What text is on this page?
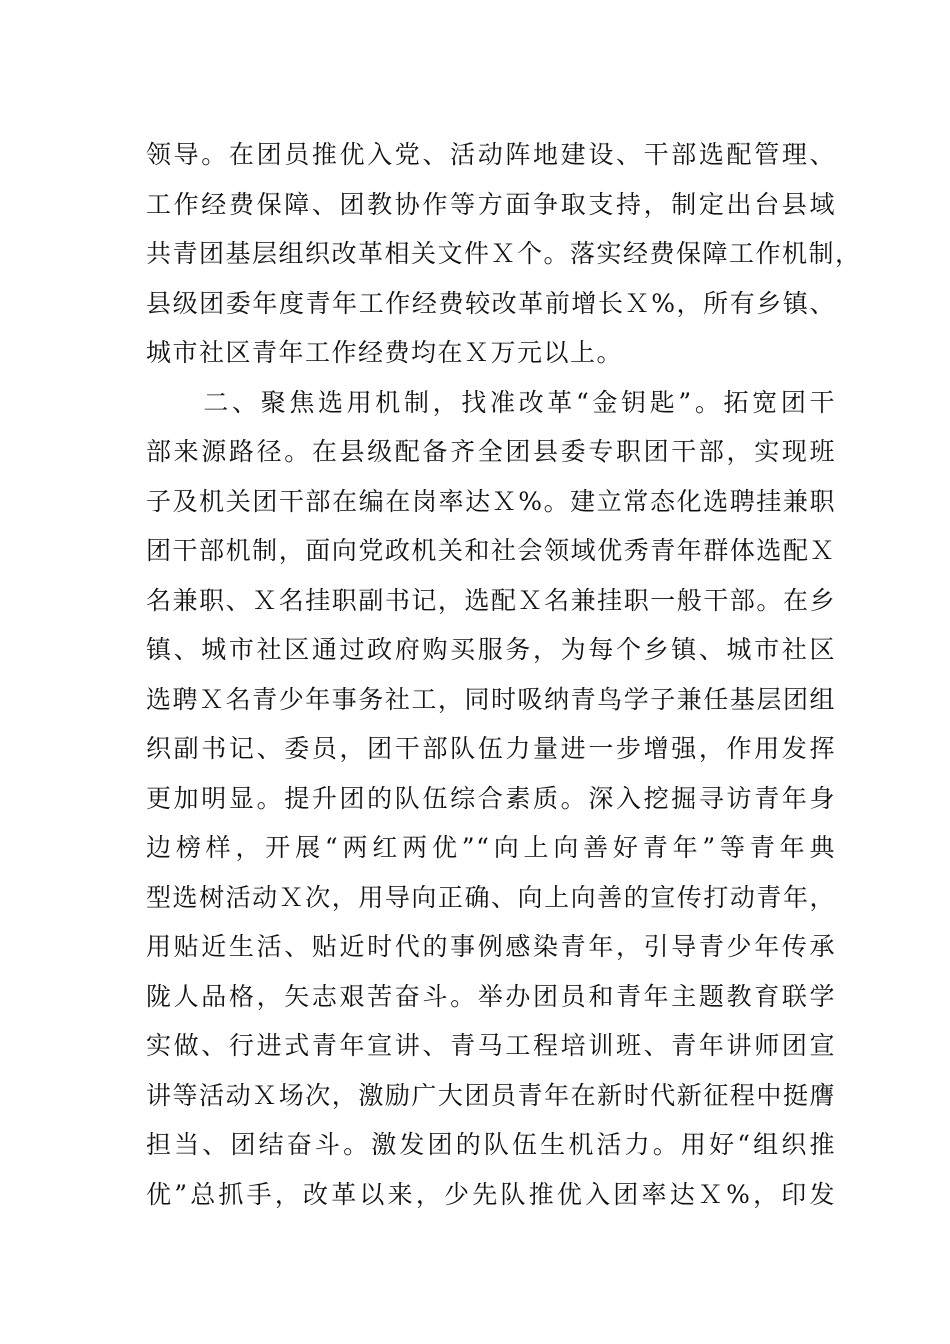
领导。在团员推优入党、活动阵地建设、干部选配管理、
工作经费保障、团教协作等方面争取支持，制定出台县域
共青团基层组织改革相关文件Ｘ个。落实经费保障工作机制，
县级团委年度青年工作经费较改革前增长Ｘ%，所有乡镇、
城市社区青年工作经费均在Ｘ万元以上。
　　二、聚焦选用机制，找准改革“金钥匙”。拓宽团干
部来源路径。在县级配备齐全团县委专职团干部，实现班
子及机关团干部在编在岗率达Ｘ%。建立常态化选聘挂兼职
团干部机制，面向党政机关和社会领域优秀青年群体选配Ｘ
名兼职、Ｘ名挂职副书记，选配Ｘ名兼挂职一般干部。在乡
镇、城市社区通过政府购买服务，为每个乡镇、城市社区
选聘Ｘ名青少年事务社工，同时吸纳青鸟学子兼任基层团组
织副书记、委员，团干部队伍力量进一步增强，作用发挥
更加明显。提升团的队伍综合素质。深入挖掘寻访青年身
边榜样，开展“两红两优”“向上向善好青年”等青年典
型选树活动Ｘ次，用导向正确、向上向善的宣传打动青年，
用贴近生活、贴近时代的事例感染青年，引导青少年传承
陇人品格，矢志艰苦奋斗。举办团员和青年主题教育联学
实做、行进式青年宣讲、青马工程培训班、青年讲师团宣
讲等活动Ｘ场次，激励广大团员青年在新时代新征程中挺膺
担当、团结奋斗。激发团的队伍生机活力。用好“组织推
优”总抓手，改革以来，少先队推优入团率达Ｘ%，印发
